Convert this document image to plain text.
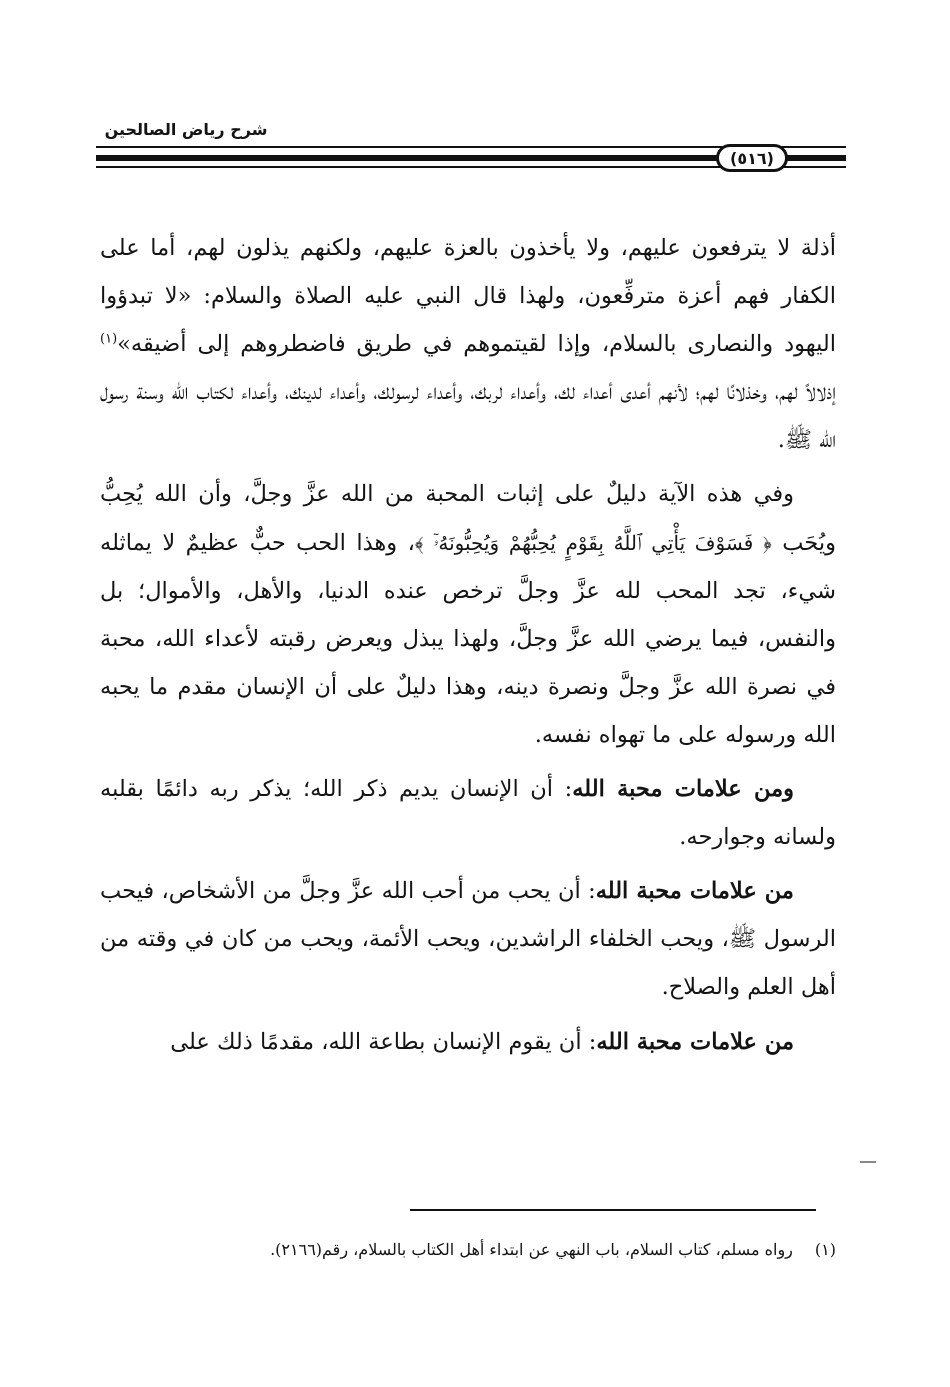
شرح رياض الصالحين
(٥١٦)

أذلة لا يترفعون عليهم، ولا يأخذون بالعزة عليهم، ولكنهم يذلون لهم، أما على الكفار فهم أعزة مترفِّعون، ولهذا قال النبي عليه الصلاة والسلام: «لا تبدؤوا اليهود والنصارى بالسلام، وإذا لقيتموهم في طريق فاضطروهم إلى أضيقه»$^{(١)}$ إذلالاً لهم، وخذلانًا لهم؛ لأنهم أعدى أعداء لك، وأعداء لربك، وأعداء لرسولك، وأعداء لدينك، وأعداء لكتاب الله وسنة رسول الله ﷺ.

وفي هذه الآية دليلٌ على إثبات المحبة من الله عزَّ وجلَّ، وأن الله يُحِبُّ ويُحَب ﴿ فَسَوْفَ يَأْتِي ٱللَّهُ بِقَوْمٍ يُحِبُّهُمْ وَيُحِبُّونَهُۥٓ ﴾، وهذا الحب حبٌّ عظيمٌ لا يماثله شيء، تجد المحب لله عزَّ وجلَّ ترخص عنده الدنيا، والأهل، والأموال؛ بل والنفس، فيما يرضي الله عزَّ وجلَّ، ولهذا يبذل ويعرض رقبته لأعداء الله، محبة في نصرة الله عزَّ وجلَّ ونصرة دينه، وهذا دليلٌ على أن الإنسان مقدم ما يحبه الله ورسوله على ما تهواه نفسه.

ومن علامات محبة الله: أن الإنسان يديم ذكر الله؛ يذكر ربه دائمًا بقلبه ولسانه وجوارحه.

من علامات محبة الله: أن يحب من أحب الله عزَّ وجلَّ من الأشخاص، فيحب الرسول ﷺ، ويحب الخلفاء الراشدين، ويحب الأئمة، ويحب من كان في وقته من أهل العلم والصلاح.

من علامات محبة الله: أن يقوم الإنسان بطاعة الله، مقدمًا ذلك على

(١)رواه مسلم، كتاب السلام، باب النهي عن ابتداء أهل الكتاب بالسلام، رقم(٢١٦٦).
